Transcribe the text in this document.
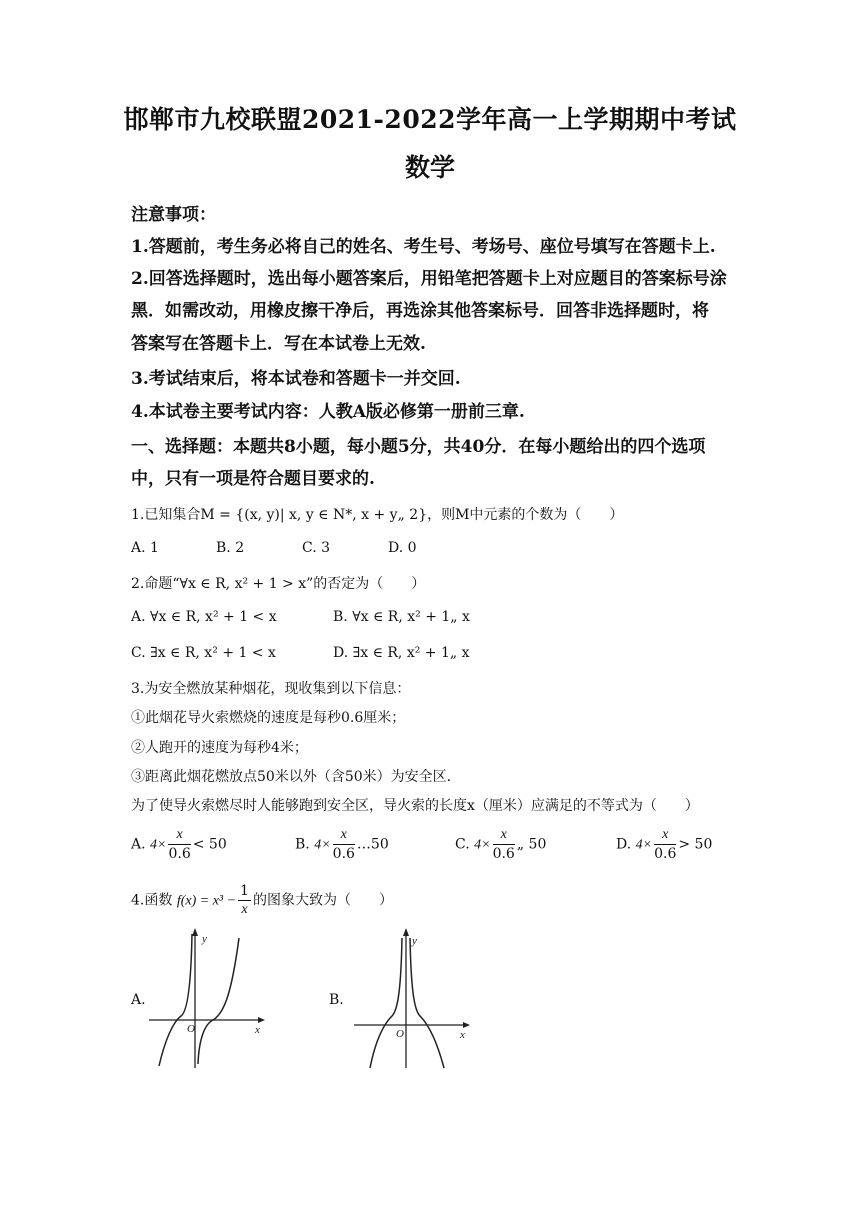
邯郸市九校联盟2021-2022学年高一上学期期中考试
数学
注意事项：
1.答题前，考生务必将自己的姓名、考生号、考场号、座位号填写在答题卡上.
2.回答选择题时，选出每小题答案后，用铅笔把答题卡上对应题目的答案标号涂
黑．如需改动，用橡皮擦干净后，再选涂其他答案标号．回答非选择题时，将
答案写在答题卡上．写在本试卷上无效.
3.考试结束后，将本试卷和答题卡一并交回.
4.本试卷主要考试内容：人教A版必修第一册前三章.
一、选择题：本题共8小题，每小题5分，共40分．在每小题给出的四个选项
中，只有一项是符合题目要求的.
1.已知集合M = {(x, y)| x, y ∈ N*, x + y„ 2}，则M中元素的个数为（　　）
A. 1	B. 2	C. 3	D. 0
2.命题“∀x ∈ R, x² + 1 > x”的否定为（　　）
A. ∀x ∈ R, x² + 1 < x	B. ∀x ∈ R, x² + 1„ x
C. ∃x ∈ R, x² + 1 < x	D. ∃x ∈ R, x² + 1„ x
3.为安全燃放某种烟花，现收集到以下信息：
①此烟花导火索燃烧的速度是每秒0.6厘米；
②人跑开的速度为每秒4米；
③距离此烟花燃放点50米以外（含50米）为安全区.
为了使导火索燃尽时人能够跑到安全区，导火索的长度x（厘米）应满足的不等式为（　　）
A. $4\times \frac{x}{0.6} < 50$	B. $4\times \frac{x}{0.6}$ …50	C. $4\times \frac{x}{0.6}$ „ 50	D. $4\times \frac{x}{0.6} > 50$
4.函数 $f(x) = x^3 - \frac{1}{x}$ 的图象大致为（　　）
A.	B.
y
x
O
y
x
O
